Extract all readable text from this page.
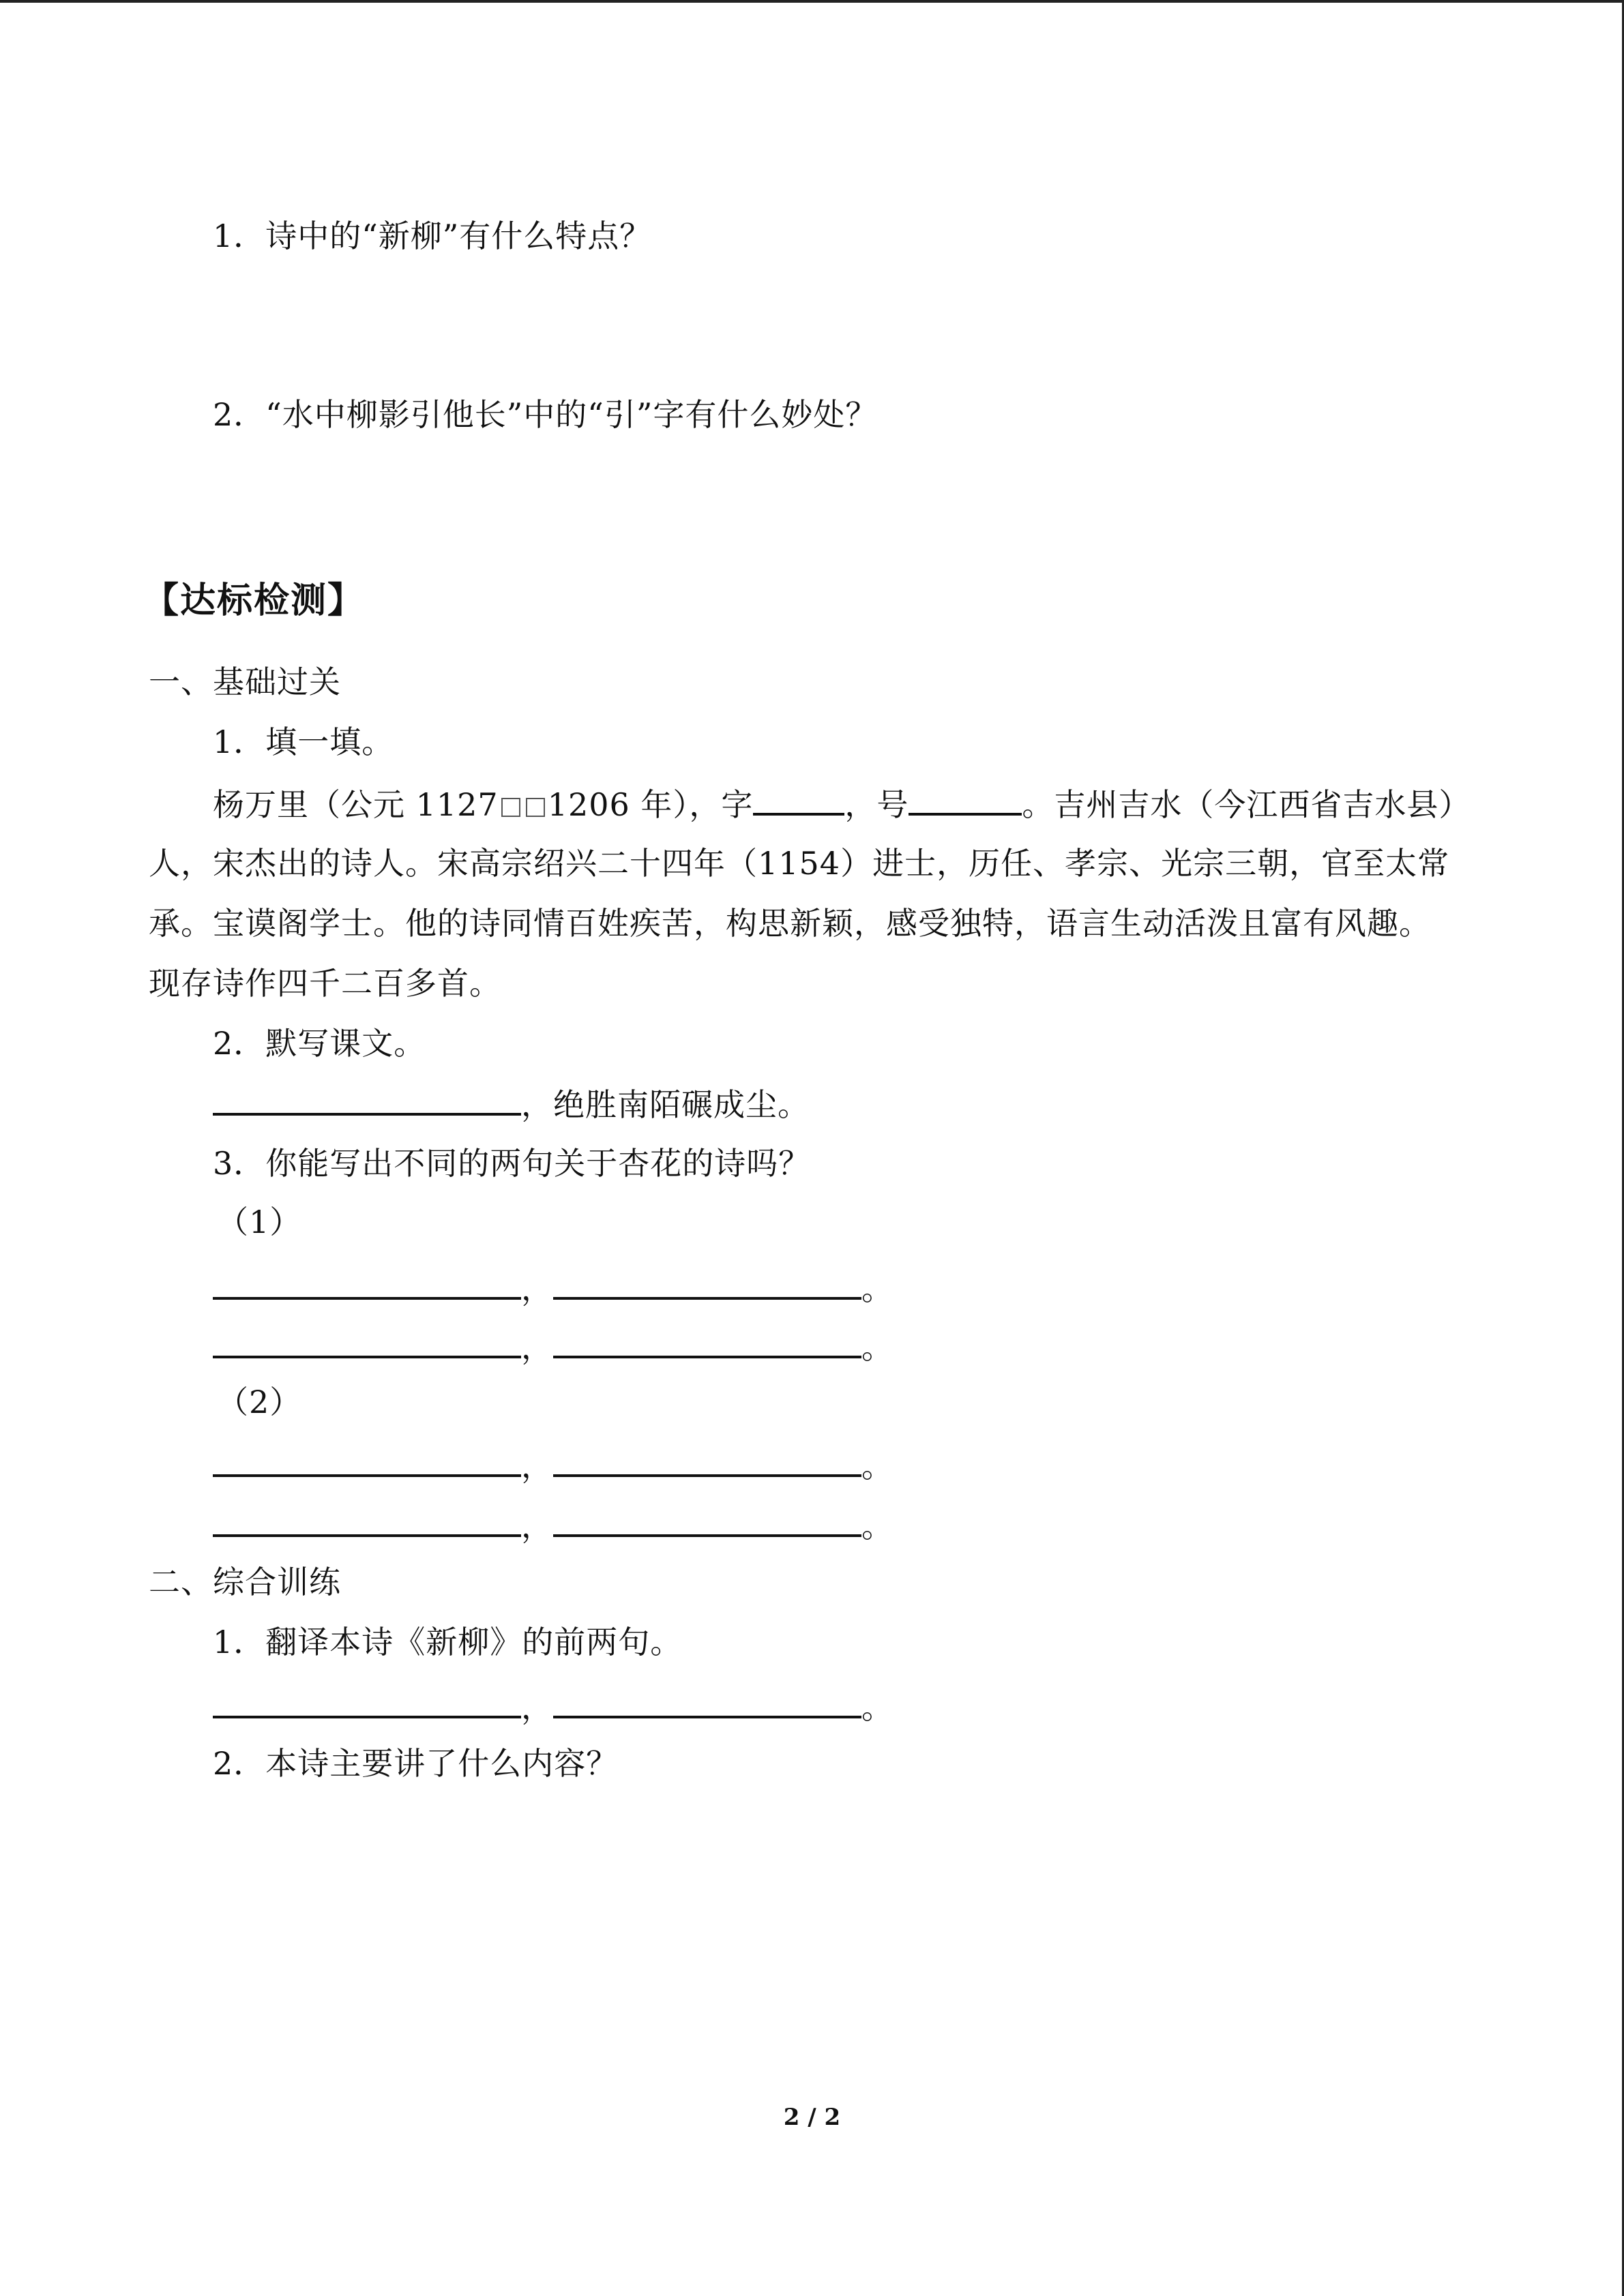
1．诗中的“新柳”有什么特点？
2．“水中柳影引他长”中的“引”字有什么妙处？
【达标检测】
一、基础过关
1．填一填。
杨万里（公元 1127 1206 年），字	，号	。吉州吉水（今江西省吉水县）
人，宋杰出的诗人。宋高宗绍兴二十四年（1154）进士，历任、孝宗、光宗三朝，官至太常
承。宝谟阁学士。他的诗同情百姓疾苦，构思新颖，感受独特，语言生动活泼且富有风趣。
现存诗作四千二百多首。
2．默写课文。
，绝胜南陌碾成尘。
3．你能写出不同的两句关于杏花的诗吗？
（1）
，	。
，	。
（2）
，	。
，	。
二、综合训练
1．翻译本诗《新柳》的前两句。
，	。
2．本诗主要讲了什么内容？
2 / 2
